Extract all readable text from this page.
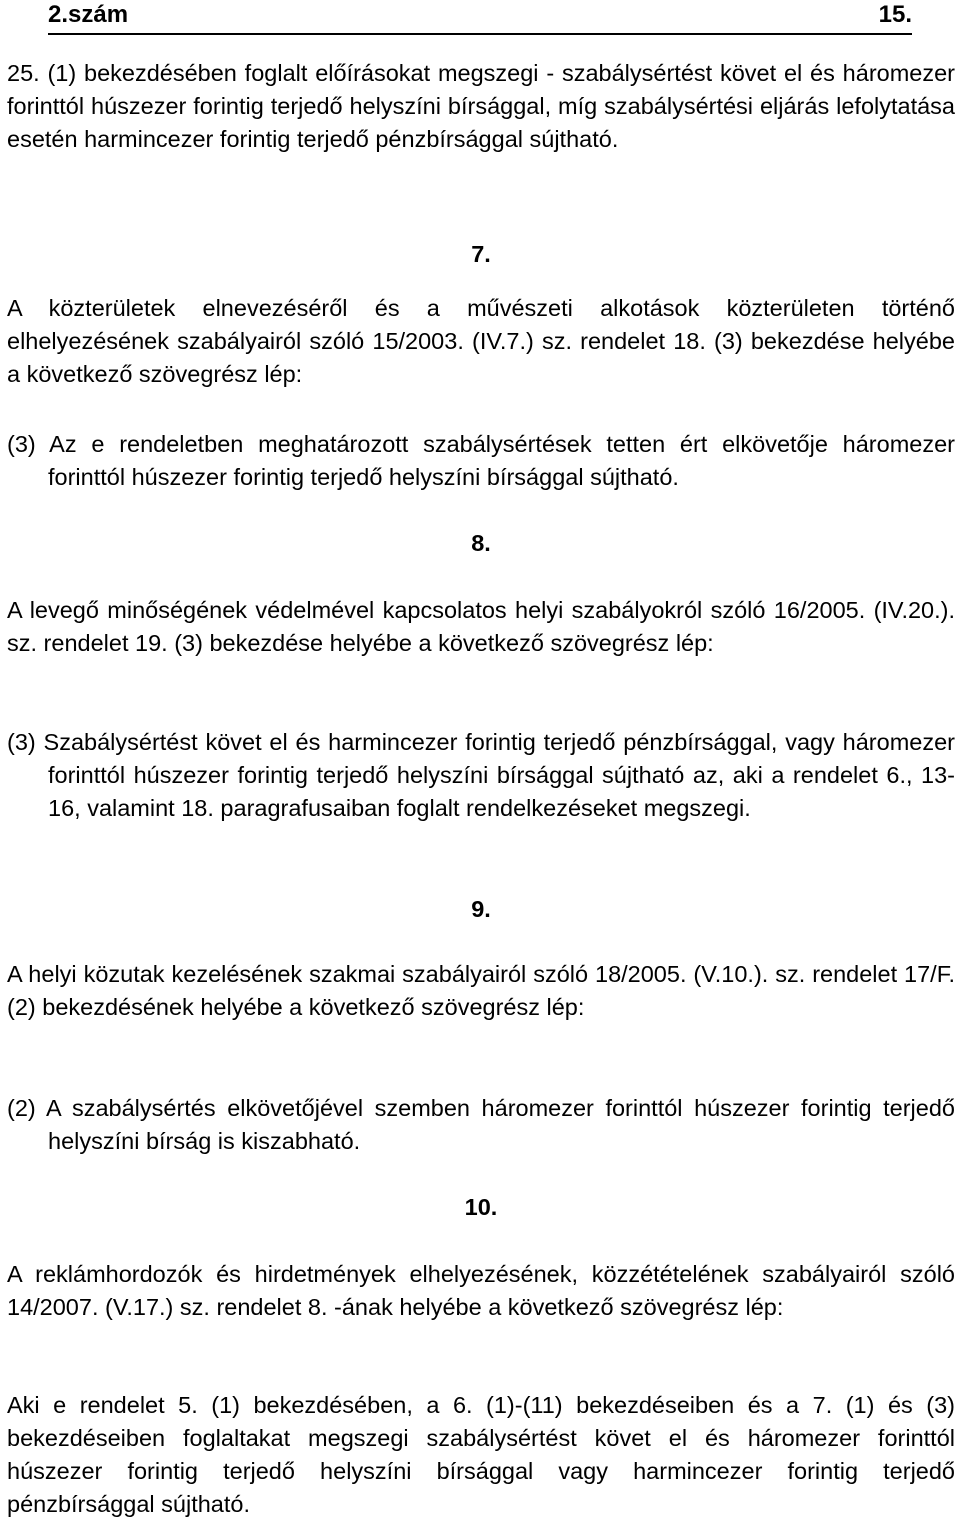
2.szám	15.

25. (1) bekezdésében foglalt előírásokat megszegi - szabálysértést követ el és háromezer forinttól húszezer forintig terjedő helyszíni bírsággal, míg szabálysértési eljárás lefolytatása esetén harmincezer forintig terjedő pénzbírsággal sújtható.

7.

A közterületek elnevezéséről és a művészeti alkotások közterületen történő elhelyezésének szabályairól szóló 15/2003. (IV.7.) sz. rendelet 18. (3) bekezdése helyébe a következő szövegrész lép:

(3) Az e rendeletben meghatározott szabálysértések tetten ért elkövetője háromezer forinttól húszezer forintig terjedő helyszíni bírsággal sújtható.

8.

A levegő minőségének védelmével kapcsolatos helyi szabályokról szóló 16/2005. (IV.20.). sz. rendelet 19. (3) bekezdése helyébe a következő szövegrész lép:

(3) Szabálysértést követ el és harmincezer forintig terjedő pénzbírsággal, vagy háromezer forinttól húszezer forintig terjedő helyszíni bírsággal sújtható az, aki a rendelet 6., 13-16, valamint 18. paragrafusaiban foglalt rendelkezéseket megszegi.

9.

A helyi közutak kezelésének szakmai szabályairól szóló 18/2005. (V.10.). sz. rendelet 17/F. (2) bekezdésének helyébe a következő szövegrész lép:

(2) A szabálysértés elkövetőjével szemben háromezer forinttól húszezer forintig terjedő helyszíni bírság is kiszabható.

10.

A reklámhordozók és hirdetmények elhelyezésének, közzétételének szabályairól szóló 14/2007. (V.17.) sz. rendelet 8. -ának helyébe a következő szövegrész lép:

Aki e rendelet 5. (1) bekezdésében, a 6. (1)-(11) bekezdéseiben és a 7. (1) és (3) bekezdéseiben foglaltakat megszegi szabálysértést követ el és háromezer forinttól húszezer forintig terjedő helyszíni bírsággal vagy harmincezer forintig terjedő pénzbírsággal sújtható.
